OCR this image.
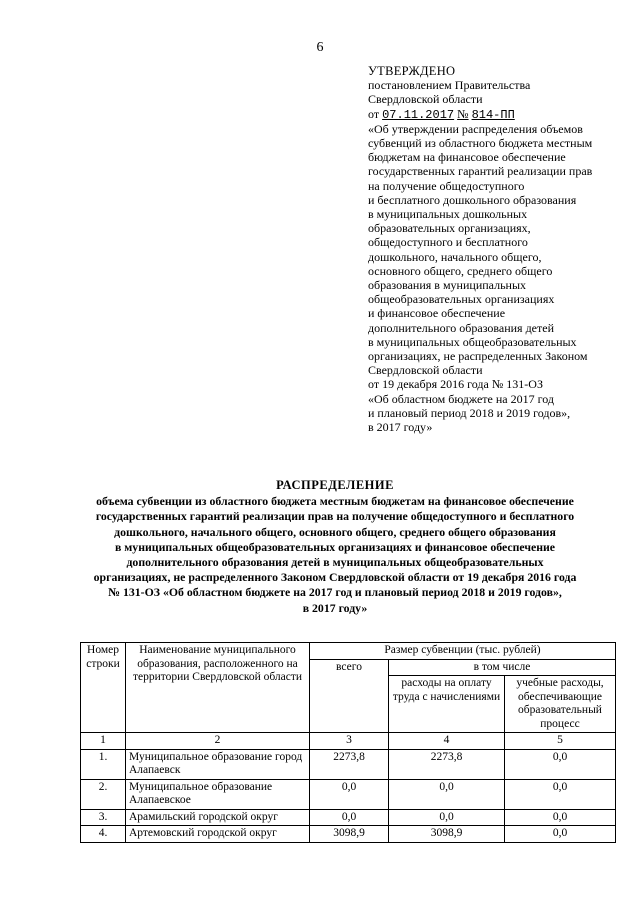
6
УТВЕРЖДЕНО
постановлением Правительства
Свердловской области
от 07.11.2017 № 814-ПП
«Об утверждении распределения объемов
субвенций из областного бюджета местным
бюджетам на финансовое обеспечение
государственных гарантий реализации прав
на получение общедоступного
и бесплатного дошкольного образования
в муниципальных дошкольных
образовательных организациях,
общедоступного и бесплатного
дошкольного, начального общего,
основного общего, среднего общего
образования в муниципальных
общеобразовательных организациях
и финансовое обеспечение
дополнительного образования детей
в муниципальных общеобразовательных
организациях, не распределенных Законом
Свердловской области
от 19 декабря 2016 года № 131-ОЗ
«Об областном бюджете на 2017 год
и плановый период 2018 и 2019 годов»,
в 2017 году»
РАСПРЕДЕЛЕНИЕ
объема субвенции из областного бюджета местным бюджетам на финансовое обеспечение
государственных гарантий реализации прав на получение общедоступного и бесплатного
дошкольного, начального общего, основного общего, среднего общего образования
в муниципальных общеобразовательных организациях и финансовое обеспечение
дополнительного образования детей в муниципальных общеобразовательных
организациях, не распределенного Законом Свердловской области от 19 декабря 2016 года
№ 131-ОЗ «Об областном бюджете на 2017 год и плановый период 2018 и 2019 годов»,
в 2017 году»
Номер строки	Наименование муниципального образования, расположенного на территории Свердловской области	Размер субвенции (тыс. рублей)		
		всего	в том числе	
			расходы на оплату труда с начислениями	учебные расходы, обеспечивающие образовательный процесс
1	2	3	4	5
1.	Муниципальное образование город Алапаевск	2273,8	2273,8	0,0
2.	Муниципальное образование Алапаевское	0,0	0,0	0,0
3.	Арамильский городской округ	0,0	0,0	0,0
4.	Артемовский городской округ	3098,9	3098,9	0,0
